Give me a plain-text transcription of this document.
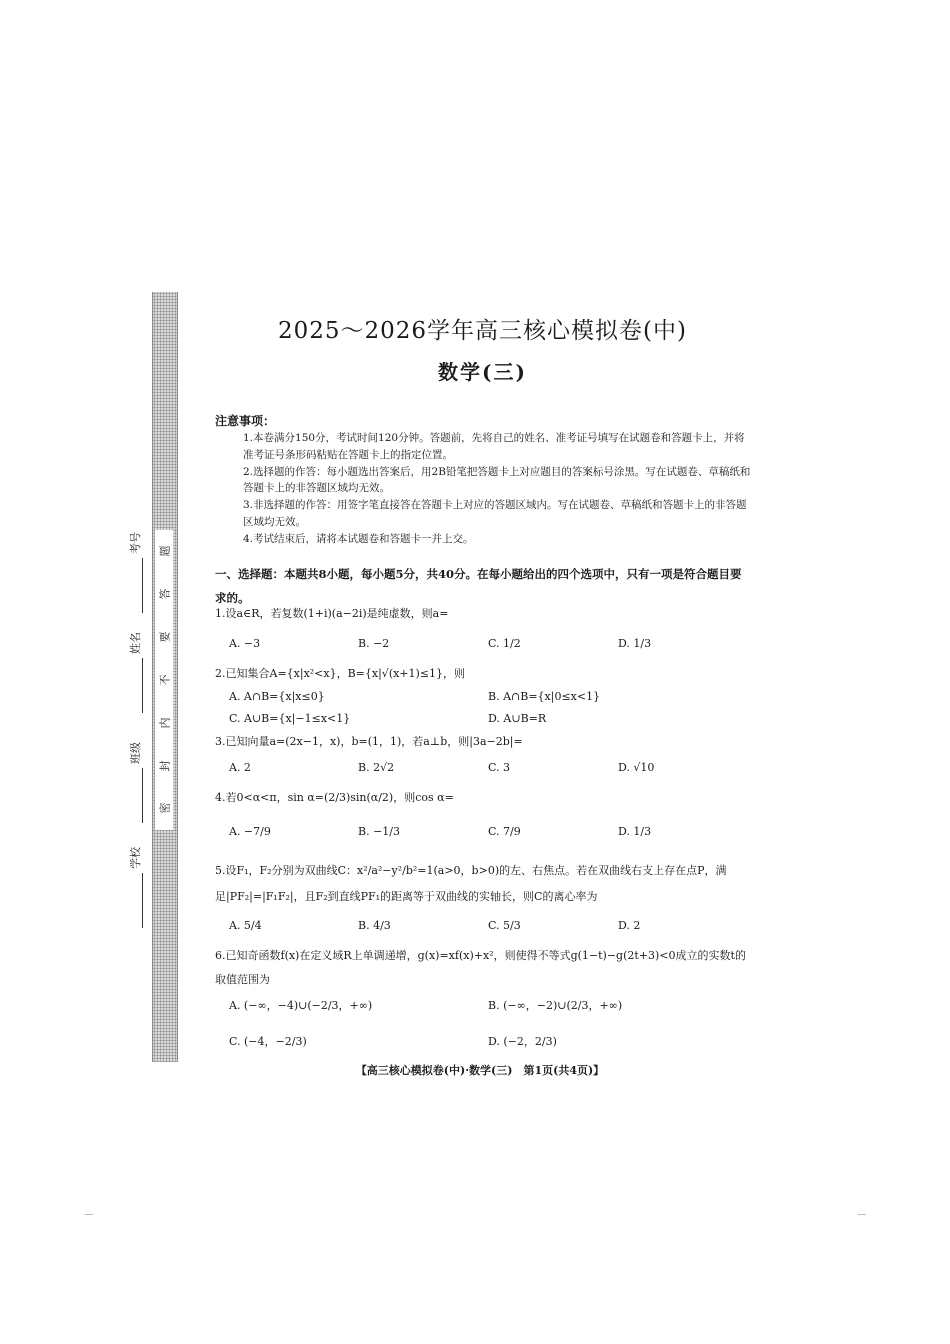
题
答
要
不
内
封
密
考号
姓名
班级
学校
2025～2026学年高三核心模拟卷(中)
数学(三)
注意事项：

1.本卷满分150分，考试时间120分钟。答题前，先将自己的姓名、准考证号填写在试题卷和答题卡上，并将准考证号条形码粘贴在答题卡上的指定位置。

2.选择题的作答：每小题选出答案后，用2B铅笔把答题卡上对应题目的答案标号涂黑。写在试题卷、草稿纸和答题卡上的非答题区域均无效。

3.非选择题的作答：用签字笔直接答在答题卡上对应的答题区域内。写在试题卷、草稿纸和答题卡上的非答题区域均无效。

4.考试结束后，请将本试题卷和答题卡一并上交。

一、选择题：本题共8小题，每小题5分，共40分。在每小题给出的四个选项中，只有一项是符合题目要求的。
1.设a∈R，若复数(1+i)(a−2i)是纯虚数，则a=
A. −3	B. −2	C. 1/2	D. 1/3
2.已知集合A={x|x²<x}，B={x|√(x+1)≤1}，则
A. A∩B={x|x≤0}	B. A∩B={x|0≤x<1}
C. A∪B={x|−1≤x<1}	D. A∪B=R
3.已知向量a=(2x−1，x)，b=(1，1)，若a⊥b，则|3a−2b|=
A. 2	B. 2√2	C. 3	D. √10
4.若0<α<π，sin α=(2/3)sin(α/2)，则cos α=
A. −7/9	B. −1/3	C. 7/9	D. 1/3
5.设F₁，F₂分别为双曲线C：x²/a²−y²/b²=1(a>0，b>0)的左、右焦点。若在双曲线右支上存在点P，满足|PF₂|=|F₁F₂|，且F₂到直线PF₁的距离等于双曲线的实轴长，则C的离心率为
A. 5/4	B. 4/3	C. 5/3	D. 2
6.已知奇函数f(x)在定义域R上单调递增，g(x)=xf(x)+x²，则使得不等式g(1−t)−g(2t+3)<0成立的实数t的取值范围为
A. (−∞，−4)∪(−2/3，+∞)	B. (−∞，−2)∪(2/3，+∞)
C. (−4，−2/3)	D. (−2，2/3)
【高三核心模拟卷(中)·数学(三)　第1页(共4页)】
